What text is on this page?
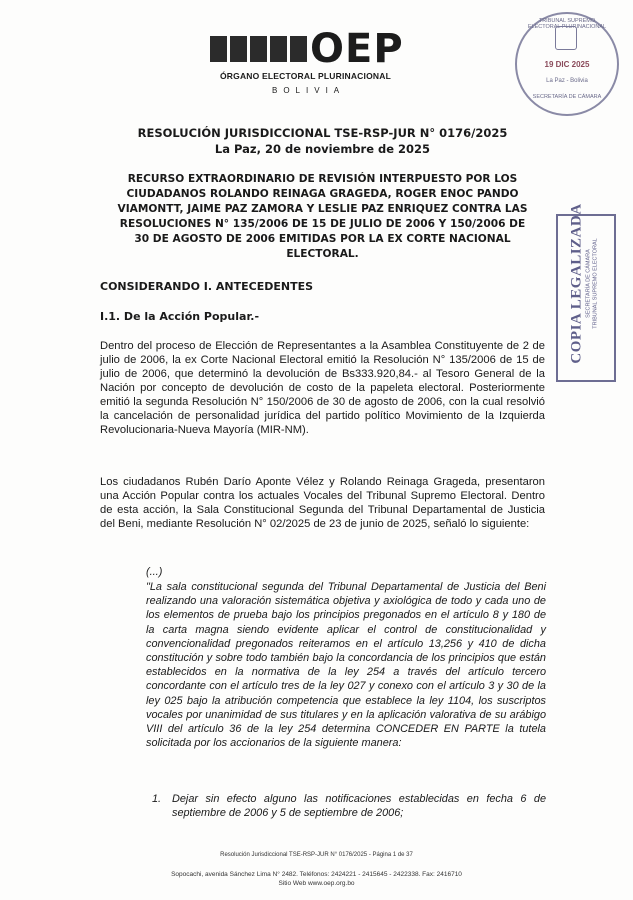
OEP
ÓRGANO ELECTORAL PLURINACIONAL
BOLIVIA
TRIBUNAL SUPREMO ELECTORAL PLURINACIONAL
19 DIC 2025
La Paz - Bolivia
SECRETARÍA DE CÁMARA
COPIA LEGALIZADA SECRETARÍA DE CÁMARA TRIBUNAL SUPREMO ELECTORAL
RESOLUCIÓN JURISDICCIONAL TSE-RSP-JUR N° 0176/2025
La Paz, 20 de noviembre de 2025
RECURSO EXTRAORDINARIO DE REVISIÓN INTERPUESTO POR LOS
CIUDADANOS ROLANDO REINAGA GRAGEDA, ROGER ENOC PANDO
VIAMONTT, JAIME PAZ ZAMORA Y LESLIE PAZ ENRIQUEZ CONTRA LAS
RESOLUCIONES N° 135/2006 DE 15 DE JULIO DE 2006 Y 150/2006 DE
30 DE AGOSTO DE 2006 EMITIDAS POR LA EX CORTE NACIONAL
ELECTORAL.
CONSIDERANDO I. ANTECEDENTES
I.1. De la Acción Popular.-

Dentro del proceso de Elección de Representantes a la Asamblea Constituyente de 2 de julio de 2006, la ex Corte Nacional Electoral emitió la Resolución N° 135/2006 de 15 de julio de 2006, que determinó la devolución de Bs333.920,84.- al Tesoro General de la Nación por concepto de devolución de costo de la papeleta electoral. Posteriormente emitió la segunda Resolución N° 150/2006 de 30 de agosto de 2006, con la cual resolvió la cancelación de personalidad jurídica del partido político Movimiento de la Izquierda Revolucionaria-Nueva Mayoría (MIR-NM).

Los ciudadanos Rubén Darío Aponte Vélez y Rolando Reinaga Grageda, presentaron una Acción Popular contra los actuales Vocales del Tribunal Supremo Electoral. Dentro de esta acción, la Sala Constitucional Segunda del Tribunal Departamental de Justicia del Beni, mediante Resolución N° 02/2025 de 23 de junio de 2025, señaló lo siguiente:

(...)

"La sala constitucional segunda del Tribunal Departamental de Justicia del Beni realizando una valoración sistemática objetiva y axiológica de todo y cada uno de los elementos de prueba bajo los principios pregonados en el artículo 8 y 180 de la carta magna siendo evidente aplicar el control de constitucionalidad y convencionalidad pregonados reiteramos en el artículo 13,256 y 410 de dicha constitución y sobre todo también bajo la concordancia de los principios que están establecidos en la normativa de la ley 254 a través del artículo tercero concordante con el artículo tres de la ley 027 y conexo con el artículo 3 y 30 de la ley 025 bajo la atribución competencia que establece la ley 1104, los suscriptos vocales por unanimidad de sus titulares y en la aplicación valorativa de su arábigo VIII del artículo 36 de la ley 254 determina CONCEDER EN PARTE la tutela solicitada por los accionarios de la siguiente manera:

1. Dejar sin efecto alguno las notificaciones establecidas en fecha 6 de septiembre de 2006 y 5 de septiembre de 2006;
Resolución Jurisdiccional TSE-RSP-JUR N° 0176/2025 - Página 1 de 37
Sopocachi, avenida Sánchez Lima N° 2482. Teléfonos: 2424221 - 2415645 - 2422338. Fax: 2416710
Sitio Web www.oep.org.bo
